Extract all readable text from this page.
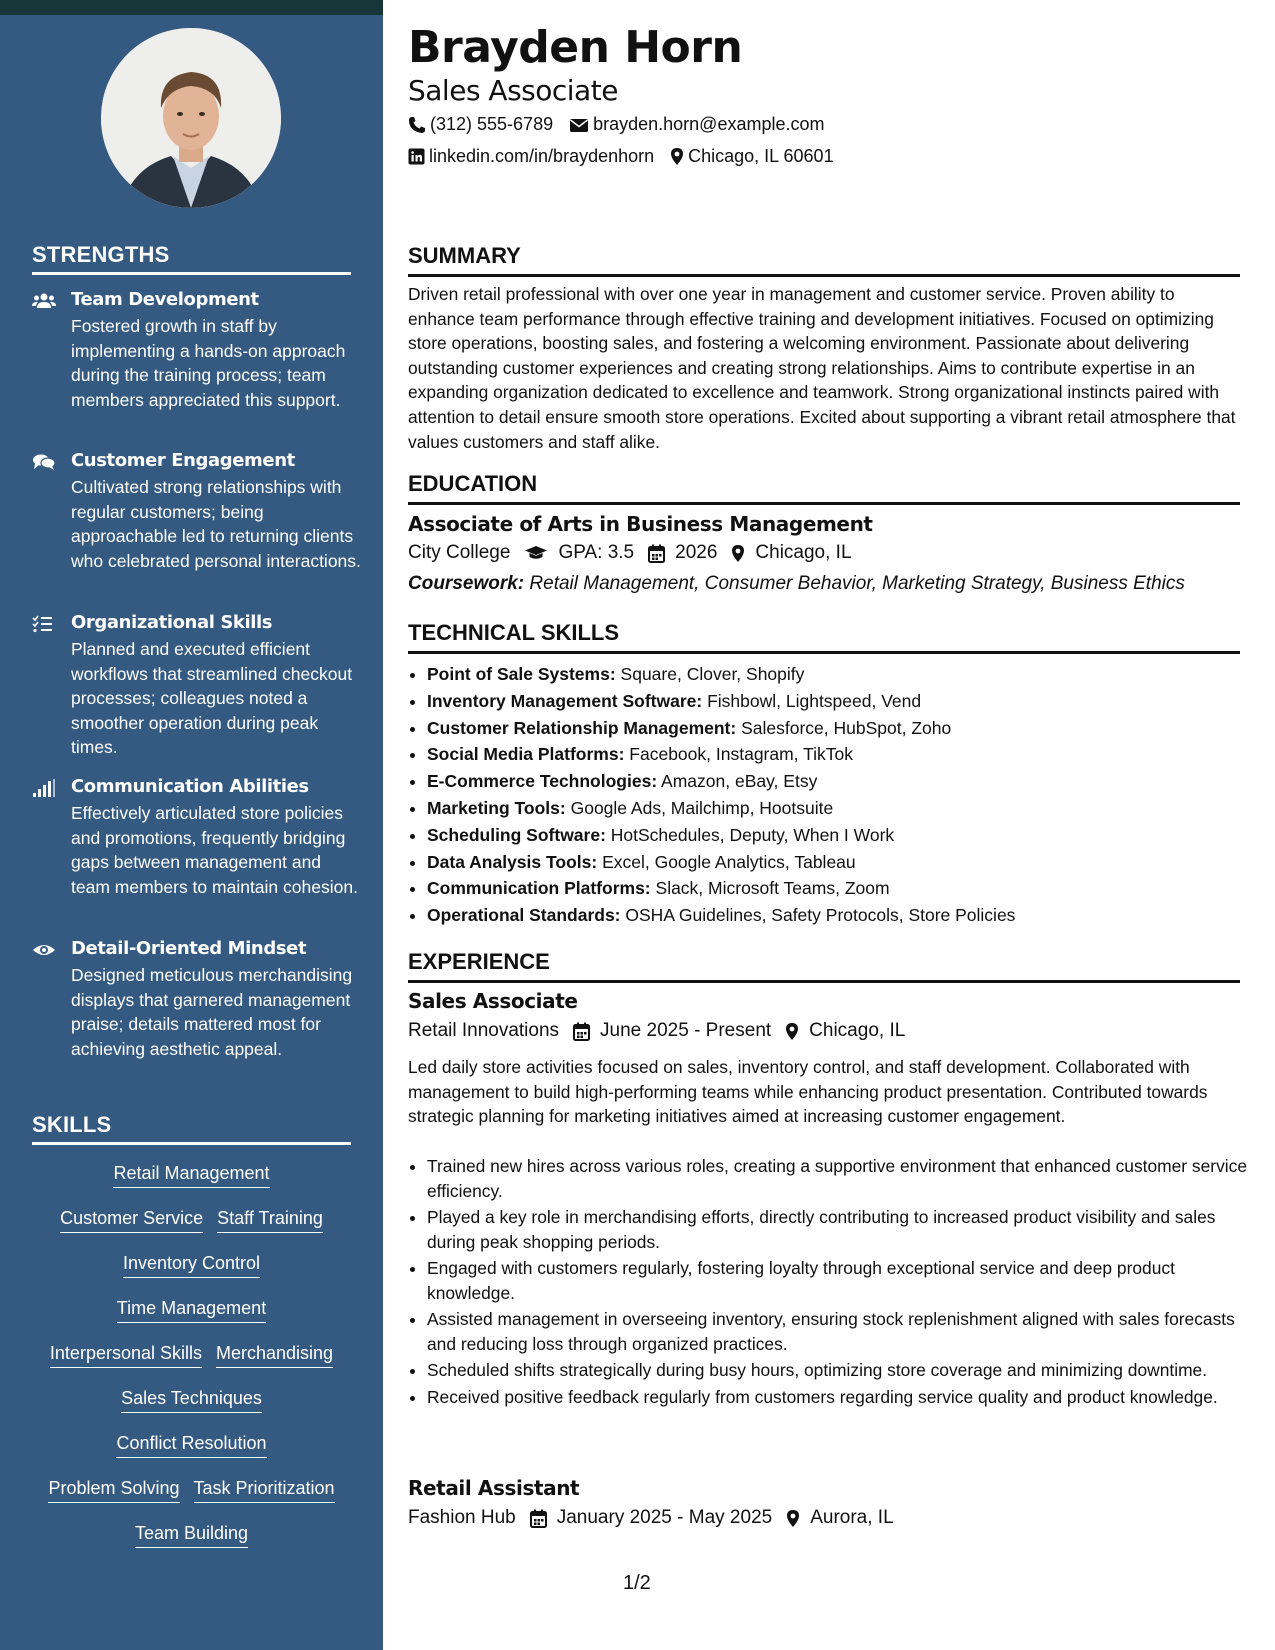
STRENGTHS
Team Development
Fostered growth in staff by implementing a hands-on approach during the training process; team members appreciated this support.
Customer Engagement
Cultivated strong relationships with regular customers; being approachable led to returning clients who celebrated personal interactions.
Organizational Skills
Planned and executed efficient workflows that streamlined checkout processes; colleagues noted a smoother operation during peak times.
Communication Abilities
Effectively articulated store policies and promotions, frequently bridging gaps between management and team members to maintain cohesion.
Detail-Oriented Mindset
Designed meticulous merchandising displays that garnered management praise; details mattered most for achieving aesthetic appeal.
SKILLS
Retail Management
Customer Service Staff Training
Inventory Control
Time Management
Interpersonal Skills Merchandising
Sales Techniques
Conflict Resolution
Problem Solving Task Prioritization
Team Building
Brayden Horn
Sales Associate
(312) 555-6789 brayden.horn@example.com
linkedin.com/in/braydenhorn Chicago, IL 60601
SUMMARY
Driven retail professional with over one year in management and customer service. Proven ability to enhance team performance through effective training and development initiatives. Focused on optimizing store operations, boosting sales, and fostering a welcoming environment. Passionate about delivering outstanding customer experiences and creating strong relationships. Aims to contribute expertise in an expanding organization dedicated to excellence and teamwork. Strong organizational instincts paired with attention to detail ensure smooth store operations. Excited about supporting a vibrant retail atmosphere that values customers and staff alike.
EDUCATION
Associate of Arts in Business Management
City College	GPA: 3.5 2026 Chicago, IL
Coursework: Retail Management, Consumer Behavior, Marketing Strategy, Business Ethics
TECHNICAL SKILLS
• Point of Sale Systems: Square, Clover, Shopify
• Inventory Management Software: Fishbowl, Lightspeed, Vend
• Customer Relationship Management: Salesforce, HubSpot, Zoho
• Social Media Platforms: Facebook, Instagram, TikTok
• E-Commerce Technologies: Amazon, eBay, Etsy
• Marketing Tools: Google Ads, Mailchimp, Hootsuite
• Scheduling Software: HotSchedules, Deputy, When I Work
• Data Analysis Tools: Excel, Google Analytics, Tableau
• Communication Platforms: Slack, Microsoft Teams, Zoom
• Operational Standards: OSHA Guidelines, Safety Protocols, Store Policies
EXPERIENCE
Sales Associate
Retail Innovations June 2025 - Present Chicago, IL
Led daily store activities focused on sales, inventory control, and staff development. Collaborated with management to build high-performing teams while enhancing product presentation. Contributed towards strategic planning for marketing initiatives aimed at increasing customer engagement.
• Trained new hires across various roles, creating a supportive environment that enhanced customer service efficiency.
• Played a key role in merchandising efforts, directly contributing to increased product visibility and sales during peak shopping periods.
• Engaged with customers regularly, fostering loyalty through exceptional service and deep product knowledge.
• Assisted management in overseeing inventory, ensuring stock replenishment aligned with sales forecasts and reducing loss through organized practices.
• Scheduled shifts strategically during busy hours, optimizing store coverage and minimizing downtime.
• Received positive feedback regularly from customers regarding service quality and product knowledge.
Retail Assistant
Fashion Hub January 2025 - May 2025 Aurora, IL
1/2
